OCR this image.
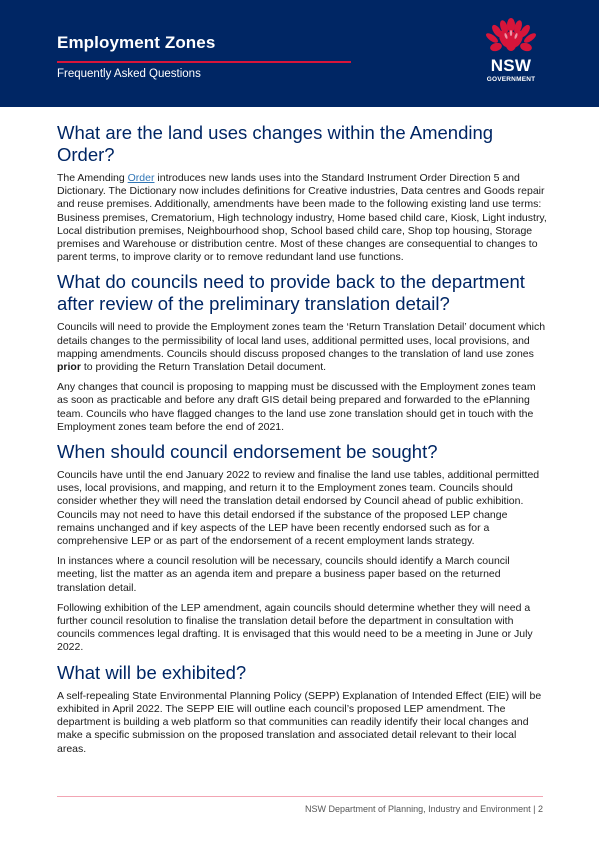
Employment Zones
Frequently Asked Questions	NSW
GOVERNMENT
What are the land uses changes within the Amending Order?

The Amending Order introduces new lands uses into the Standard Instrument Order Direction 5 and Dictionary. The Dictionary now includes definitions for Creative industries, Data centres and Goods repair and reuse premises. Additionally, amendments have been made to the following existing land use terms: Business premises, Crematorium, High technology industry, Home based child care, Kiosk, Light industry, Local distribution premises, Neighbourhood shop, School based child care, Shop top housing, Storage premises and Warehouse or distribution centre. Most of these changes are consequential to changes to parent terms, to improve clarity or to remove redundant land use functions.

What do councils need to provide back to the department after review of the preliminary translation detail?

Councils will need to provide the Employment zones team the ‘Return Translation Detail’ document which details changes to the permissibility of local land uses, additional permitted uses, local provisions, and mapping amendments. Councils should discuss proposed changes to the translation of land use zones prior to providing the Return Translation Detail document.

Any changes that council is proposing to mapping must be discussed with the Employment zones team as soon as practicable and before any draft GIS detail being prepared and forwarded to the ePlanning team. Councils who have flagged changes to the land use zone translation should get in touch with the Employment zones team before the end of 2021.

When should council endorsement be sought?

Councils have until the end January 2022 to review and finalise the land use tables, additional permitted uses, local provisions, and mapping, and return it to the Employment zones team. Councils should consider whether they will need the translation detail endorsed by Council ahead of public exhibition. Councils may not need to have this detail endorsed if the substance of the proposed LEP change remains unchanged and if key aspects of the LEP have been recently endorsed such as for a comprehensive LEP or as part of the endorsement of a recent employment lands strategy.

In instances where a council resolution will be necessary, councils should identify a March council meeting, list the matter as an agenda item and prepare a business paper based on the returned translation detail.

Following exhibition of the LEP amendment, again councils should determine whether they will need a further council resolution to finalise the translation detail before the department in consultation with councils commences legal drafting. It is envisaged that this would need to be a meeting in June or July 2022.

What will be exhibited?

A self-repealing State Environmental Planning Policy (SEPP) Explanation of Intended Effect (EIE) will be exhibited in April 2022. The SEPP EIE will outline each council’s proposed LEP amendment. The department is building a web platform so that communities can readily identify their local changes and make a specific submission on the proposed translation and associated detail relevant to their local areas.

NSW Department of Planning, Industry and Environment | 2
